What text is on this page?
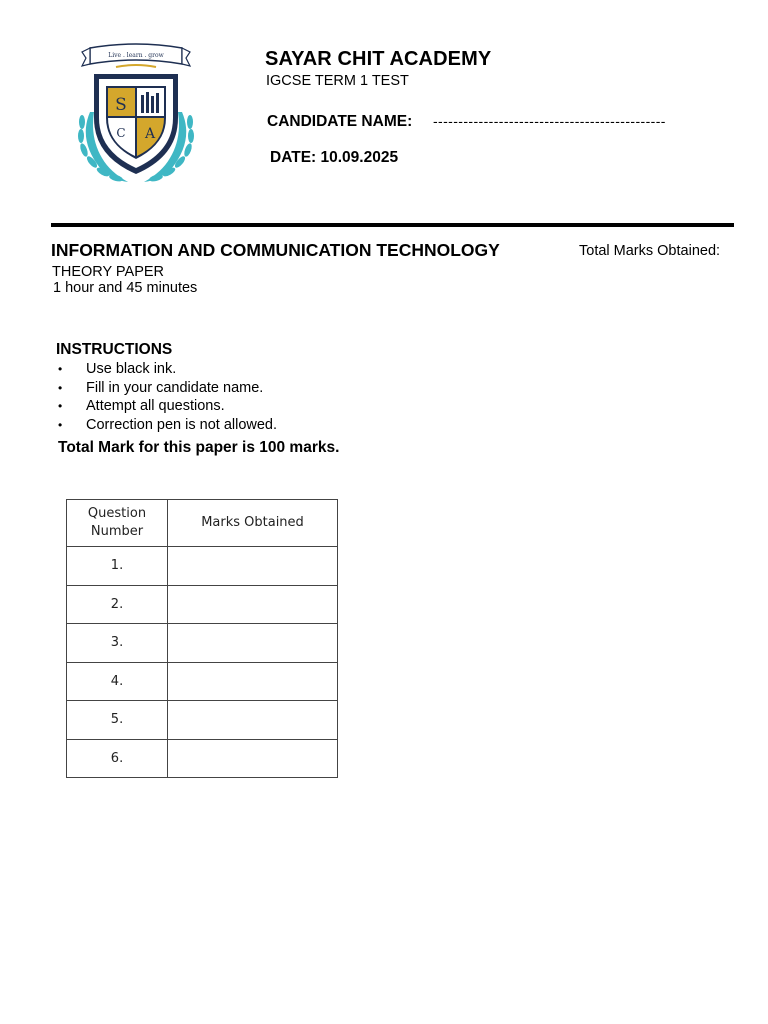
S
C A
Live . learn . grow	SAYAR CHIT ACADEMY
IGCSE TERM 1 TEST
CANDIDATE NAME: ----------------------------------------------
DATE: 10.09.2025
INFORMATION AND COMMUNICATION TECHNOLOGY	Total Marks Obtained:
THEORY PAPER
1 hour and 45 minutes
INSTRUCTIONS
• Use black ink.
• Fill in your candidate name.
• Attempt all questions.
• Correction pen is not allowed.
Total Mark for this paper is 100 marks.
Question Number	Marks Obtained
1.	
2.	
3.	
4.	
5.	
6.	
